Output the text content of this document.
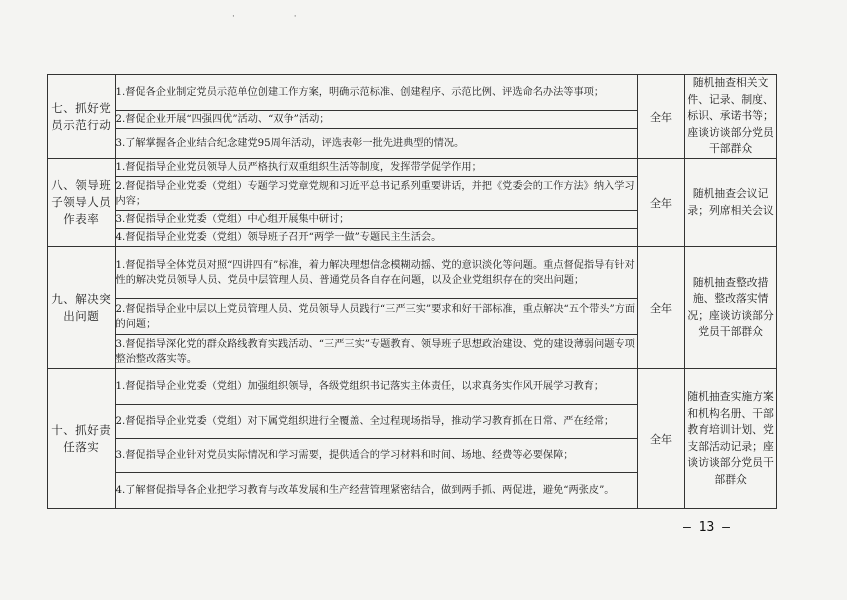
· ·
七、抓好党员示范行动	1.督促各企业制定党员示范单位创建工作方案，明确示范标准、创建程序、示范比例、评选命名办法等事项；	全年	随机抽查相关文件、记录、制度、标识、承诺书等；座谈访谈部分党员干部群众
	2.督促企业开展“四强四优”活动、“双争”活动；		
	3.了解掌握各企业结合纪念建党95周年活动，评选表彰一批先进典型的情况。		
八、领导班子领导人员作表率	1.督促指导企业党员领导人员严格执行双重组织生活等制度，发挥带学促学作用；	全年	随机抽查会议记录；列席相关会议
	2.督促指导企业党委（党组）专题学习党章党规和习近平总书记系列重要讲话，并把《党委会的工作方法》纳入学习内容；		
	3.督促指导企业党委（党组）中心组开展集中研讨；		
	4.督促指导企业党委（党组）领导班子召开“两学一做”专题民主生活会。		
九、解决突出问题	1.督促指导全体党员对照“四讲四有”标准，着力解决理想信念模糊动摇、党的意识淡化等问题。重点督促指导有针对性的解决党员领导人员、党员中层管理人员、普通党员各自存在问题，以及企业党组织存在的突出问题；	全年	随机抽查整改措施、整改落实情况；座谈访谈部分党员干部群众
	2.督促指导企业中层以上党员管理人员、党员领导人员践行“三严三实”要求和好干部标准，重点解决“五个带头”方面的问题；		
	3.督促指导深化党的群众路线教育实践活动、“三严三实”专题教育、领导班子思想政治建设、党的建设薄弱问题专项整治整改落实等。		
十、抓好责任落实	1.督促指导企业党委（党组）加强组织领导，各级党组织书记落实主体责任，以求真务实作风开展学习教育；	全年	随机抽查实施方案和机构名册、干部教育培训计划、党支部活动记录；座谈访谈部分党员干部群众
	2.督促指导企业党委（党组）对下属党组织进行全覆盖、全过程现场指导，推动学习教育抓在日常、严在经常；		
	3.督促指导企业针对党员实际情况和学习需要，提供适合的学习材料和时间、场地、经费等必要保障；		
	4.了解督促指导各企业把学习教育与改革发展和生产经营管理紧密结合，做到两手抓、两促进，避免“两张皮”。		
— 13 —
